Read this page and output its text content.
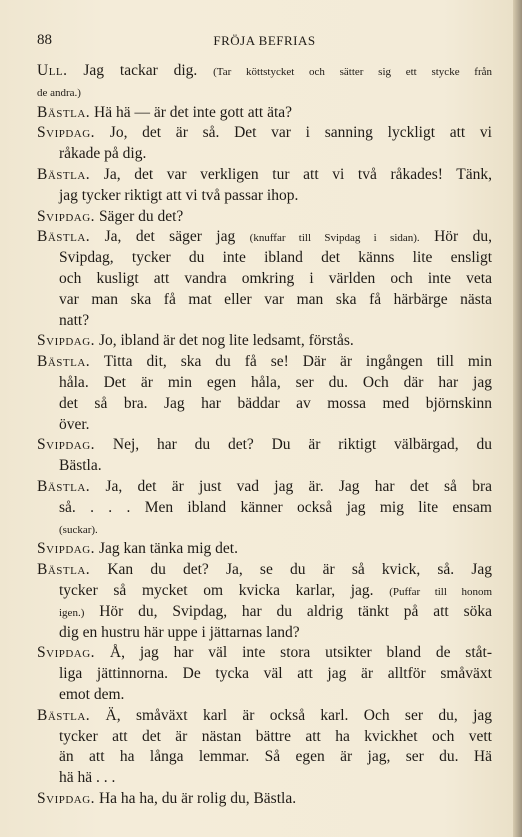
88	FRÖJA BEFRIAS
Ull. Jag tackar dig. (Tar köttstycket och sätter sig ett stycke från
de andra.)
Bästla. Hä hä — är det inte gott att äta?
Svipdag. Jo, det är så. Det var i sanning lyckligt att vi
råkade på dig.
Bästla. Ja, det var verkligen tur att vi två råkades! Tänk,
jag tycker riktigt att vi två passar ihop.
Svipdag. Säger du det?
Bästla. Ja, det säger jag (knuffar till Svipdag i sidan). Hör du,
Svipdag, tycker du inte ibland det känns lite ensligt
och kusligt att vandra omkring i världen och inte veta
var man ska få mat eller var man ska få härbärge nästa
natt?
Svipdag. Jo, ibland är det nog lite ledsamt, förstås.
Bästla. Titta dit, ska du få se! Där är ingången till min
håla. Det är min egen håla, ser du. Och där har jag
det så bra. Jag har bäddar av mossa med björnskinn
över.
Svipdag. Nej, har du det? Du är riktigt välbärgad, du
Bästla.
Bästla. Ja, det är just vad jag är. Jag har det så bra
så. . . . Men ibland känner också jag mig lite ensam
(suckar).
Svipdag. Jag kan tänka mig det.
Bästla. Kan du det? Ja, se du är så kvick, så. Jag
tycker så mycket om kvicka karlar, jag. (Puffar till honom
igen.) Hör du, Svipdag, har du aldrig tänkt på att söka
dig en hustru här uppe i jättarnas land?
Svipdag. Å, jag har väl inte stora utsikter bland de ståt-
liga jättinnorna. De tycka väl att jag är alltför småväxt
emot dem.
Bästla. Ä, småväxt karl är också karl. Och ser du, jag
tycker att det är nästan bättre att ha kvickhet och vett
än att ha långa lemmar. Så egen är jag, ser du. Hä
hä hä . . .
Svipdag. Ha ha ha, du är rolig du, Bästla.
